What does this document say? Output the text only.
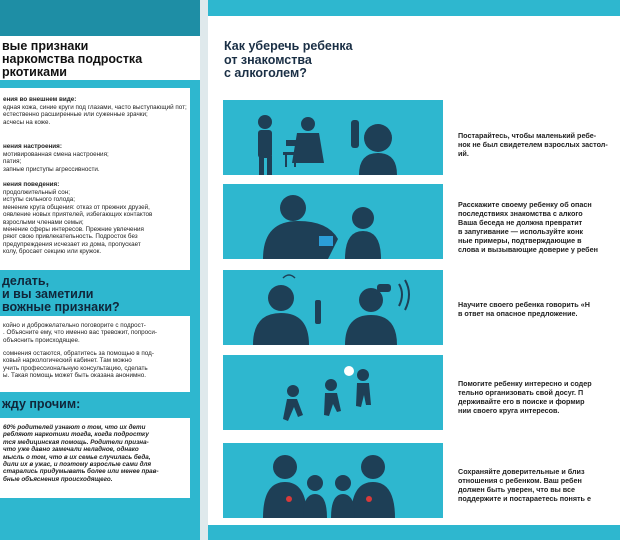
вые признаки
наркомства подростка
ркотиками

ения во внешнем виде:

едная кожа, синие круги под глазами, часто выступающий пот;
естественно расширенные или суженные зрачки;
асчесы на коже.

нения настроения:

мотивированная смена настроения;
патия;
запные приступы агрессивности.

нения поведения:

продолжительный сон;
иступы сильного голода;
менение круга общения: отказ от прежних друзей,
оявление новых приятелей, избегающих контактов
взрослыми членами семьи;
менение сферы интересов. Прежние увлечения
ряют свою привлекательность. Подросток без
предупреждения исчезает из дома, пропускает
колу, бросает секцию или кружок.

делать,
и вы заметили
вожные признаки?

койно и доброжелательно поговорите с подрост-
. Объясните ему, что именно вас тревожит, попроси-
объяснить происходящее.

сомнения остаются, обратитесь за помощью в под-
ковый наркологический кабинет. Там можно
учить профессиональную консультацию, сделать
ы. Такая помощь может быть оказана анонимно.

жду прочим:

60% родителей узнают о том, что их дети
ребляют наркотики тогда, когда подростку
тся медицинская помощь. Родители призна-
что уже давно замечали неладное, однако
мысль о том, что в их семье случилась беда,
дили их в ужас, и поэтому взрослые сами для
старались придумывать более или менее прав-
бные объяснения происходящего.

Как уберечь ребенка
от знакомства
с алкоголем?

Постарайтесь, чтобы маленький ребе-
нок не был свидетелем взрослых застол-
ий.

Расскажите своему ребенку об опасн
последствиях знакомства с алкого
Ваша беседа не должна превратит
в запугивание — используйте конк
ные примеры, подтверждающие в
слова и вызывающие доверие у ребен

Научите своего ребенка говорить «Н
в ответ на опасное предложение.

Помогите ребенку интересно и содер
тельно организовать свой досуг. П
держивайте его в поиске и формир
нии своего круга интересов.

Сохраняйте доверительные и близ
отношения с ребенком. Ваш ребен
должен быть уверен, что вы все
поддержите и постараетесь понять е
